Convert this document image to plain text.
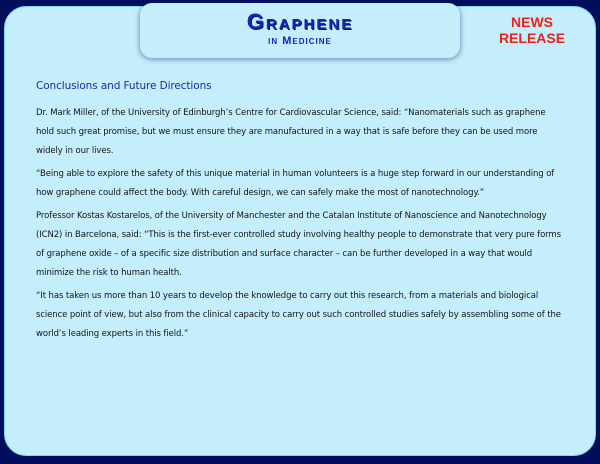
Graphene
in Medicine
NEWS
RELEASE
Conclusions and Future Directions

Dr. Mark Miller, of the University of Edinburgh’s Centre for Cardiovascular Science, said: “Nanomaterials such as graphene hold such great promise, but we must ensure they are manufactured in a way that is safe before they can be used more widely in our lives.

“Being able to explore the safety of this unique material in human volunteers is a huge step forward in our understanding of how graphene could affect the body. With careful design, we can safely make the most of nanotechnology.”

Professor Kostas Kostarelos, of the University of Manchester and the Catalan Institute of Nanoscience and Nanotechnology (ICN2) in Barcelona, said: “This is the first-ever controlled study involving healthy people to demonstrate that very pure forms of graphene oxide – of a specific size distribution and surface character – can be further developed in a way that would minimize the risk to human health.

“It has taken us more than 10 years to develop the knowledge to carry out this research, from a materials and biological science point of view, but also from the clinical capacity to carry out such controlled studies safely by assembling some of the world’s leading experts in this field.”
